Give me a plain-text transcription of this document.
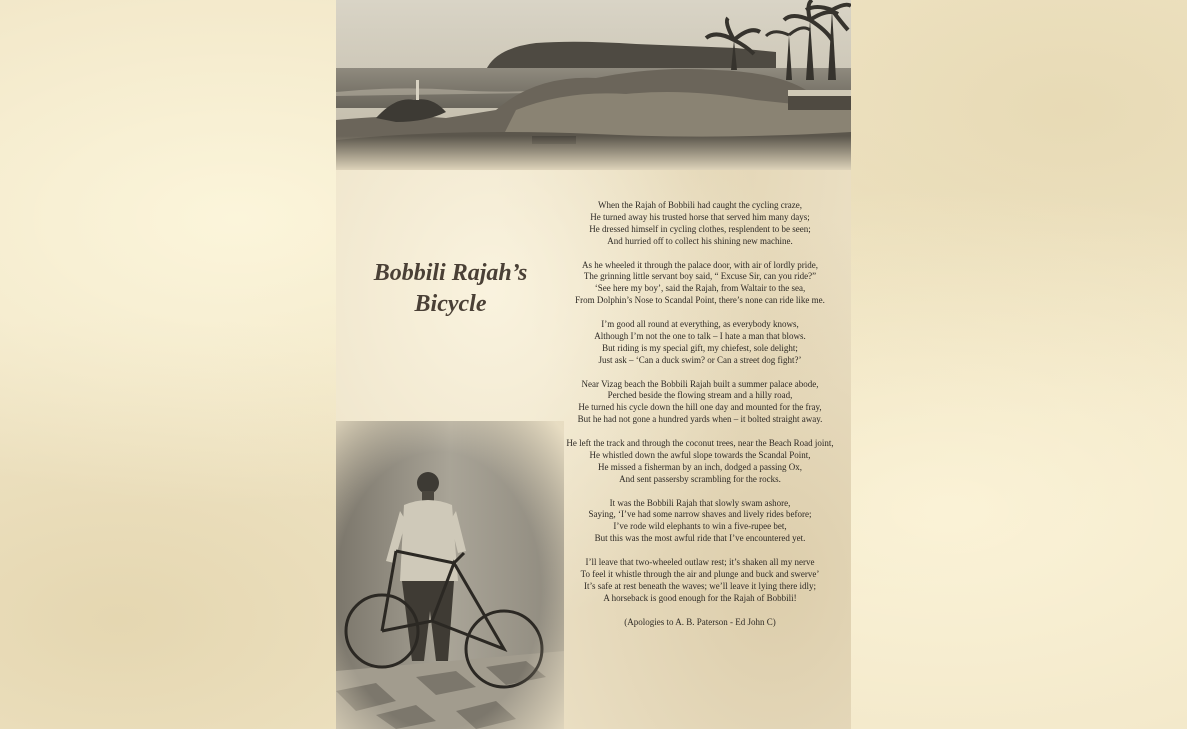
Bobbili Rajah’s
Bicycle
When the Rajah of Bobbili had caught the cycling craze,
He turned away his trusted horse that served him many days;
He dressed himself in cycling clothes, resplendent to be seen;
And hurried off to collect his shining new machine.
As he wheeled it through the palace door, with air of lordly pride,
The grinning little servant boy said, “ Excuse Sir, can you ride?”
‘See here my boy’, said the Rajah, from Waltair to the sea,
From Dolphin’s Nose to Scandal Point, there’s none can ride like me.
I’m good all round at everything, as everybody knows,
Although I’m not the one to talk – I hate a man that blows.
But riding is my special gift, my chiefest, sole delight;
Just ask – ‘Can a duck swim? or Can a street dog fight?’
Near Vizag beach the Bobbili Rajah built a summer palace abode,
Perched beside the flowing stream and a hilly road,
He turned his cycle down the hill one day and mounted for the fray,
But he had not gone a hundred yards when – it bolted straight away.
He left the track and through the coconut trees, near the Beach Road joint,
He whistled down the awful slope towards the Scandal Point,
He missed a fisherman by an inch, dodged a passing Ox,
And sent passersby scrambling for the rocks.
It was the Bobbili Rajah that slowly swam ashore,
Saying, ‘I’ve had some narrow shaves and lively rides before;
I’ve rode wild elephants to win a five-rupee bet,
But this was the most awful ride that I’ve encountered yet.
I’ll leave that two-wheeled outlaw rest; it’s shaken all my nerve
To feel it whistle through the air and plunge and buck and swerve’
It’s safe at rest beneath the waves; we’ll leave it lying there idly;
A horseback is good enough for the Rajah of Bobbili!
(Apologies to A. B. Paterson - Ed John C)
